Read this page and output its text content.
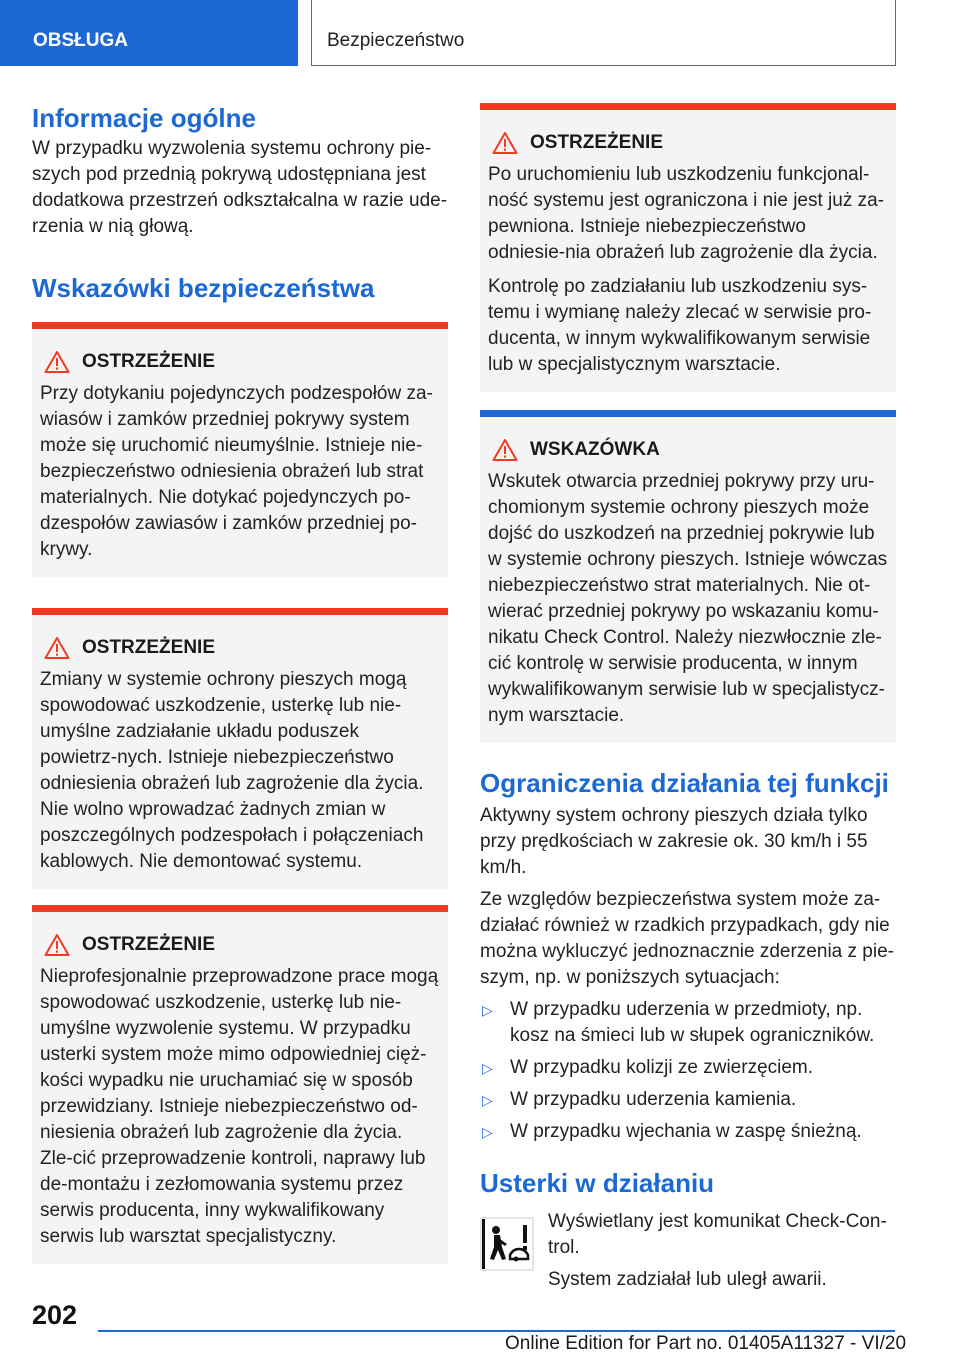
OBSŁUGA	Bezpieczeństwo
Informacje ogólne

W przypadku wyzwolenia systemu ochrony pie-szych pod przednią pokrywą udostępniana jest dodatkowa przestrzeń odkształcalna w razie ude-rzenia w nią głową.

Wskazówki bezpieczeństwa
OSTRZEŻENIE

Przy dotykaniu pojedynczych podzespołów za-wiasów i zamków przedniej pokrywy system może się uruchomić nieumyślnie. Istnieje nie-bezpieczeństwo odniesienia obrażeń lub strat materialnych. Nie dotykać pojedynczych po-dzespołów zawiasów i zamków przedniej po-krywy.

OSTRZEŻENIE

Zmiany w systemie ochrony pieszych mogą spowodować uszkodzenie, usterkę lub nie-umyślne zadziałanie układu poduszek powietrz-nych. Istnieje niebezpieczeństwo odniesienia obrażeń lub zagrożenie dla życia. Nie wolno wprowadzać żadnych zmian w poszczególnych podzespołach i połączeniach kablowych. Nie demontować systemu.

OSTRZEŻENIE

Nieprofesjonalnie przeprowadzone prace mogą spowodować uszkodzenie, usterkę lub nie-umyślne wyzwolenie systemu. W przypadku usterki system może mimo odpowiedniej cięż-kości wypadku nie uruchamiać się w sposób przewidziany. Istnieje niebezpieczeństwo od-niesienia obrażeń lub zagrożenie dla życia. Zle-cić przeprowadzenie kontroli, naprawy lub de-montażu i zezłomowania systemu przez serwis producenta, inny wykwalifikowany serwis lub warsztat specjalistyczny.

OSTRZEŻENIE

Po uruchomieniu lub uszkodzeniu funkcjonal-ność systemu jest ograniczona i nie jest już za-pewniona. Istnieje niebezpieczeństwo odniesie-nia obrażeń lub zagrożenie dla życia.

Kontrolę po zadziałaniu lub uszkodzeniu sys-temu i wymianę należy zlecać w serwisie pro-ducenta, w innym wykwalifikowanym serwisie lub w specjalistycznym warsztacie.

WSKAZÓWKA

Wskutek otwarcia przedniej pokrywy przy uru-chomionym systemie ochrony pieszych może dojść do uszkodzeń na przedniej pokrywie lub w systemie ochrony pieszych. Istnieje wówczas niebezpieczeństwo strat materialnych. Nie ot-wierać przedniej pokrywy po wskazaniu komu-nikatu Check Control. Należy niezwłocznie zle-cić kontrolę w serwisie producenta, w innym wykwalifikowanym serwisie lub w specjalistycz-nym warsztacie.

Ograniczenia działania tej funkcji

Aktywny system ochrony pieszych działa tylko przy prędkościach w zakresie ok. 30 km/h i 55 km/h.

Ze względów bezpieczeństwa system może za-działać również w rzadkich przypadkach, gdy nie można wykluczyć jednoznacznie zderzenia z pie-szym, np. w poniższych sytuacjach:

▷ W przypadku uderzenia w przedmioty, np. kosz na śmieci lub w słupek ograniczników.
▷ W przypadku kolizji ze zwierzęciem.
▷ W przypadku uderzenia kamienia.
▷ W przypadku wjechania w zaspę śnieżną.
Usterki w działaniu

Wyświetlany jest komunikat Check-Con-trol.

System zadziałał lub uległ awarii.

202
Online Edition for Part no. 01405A11327 - VI/20
